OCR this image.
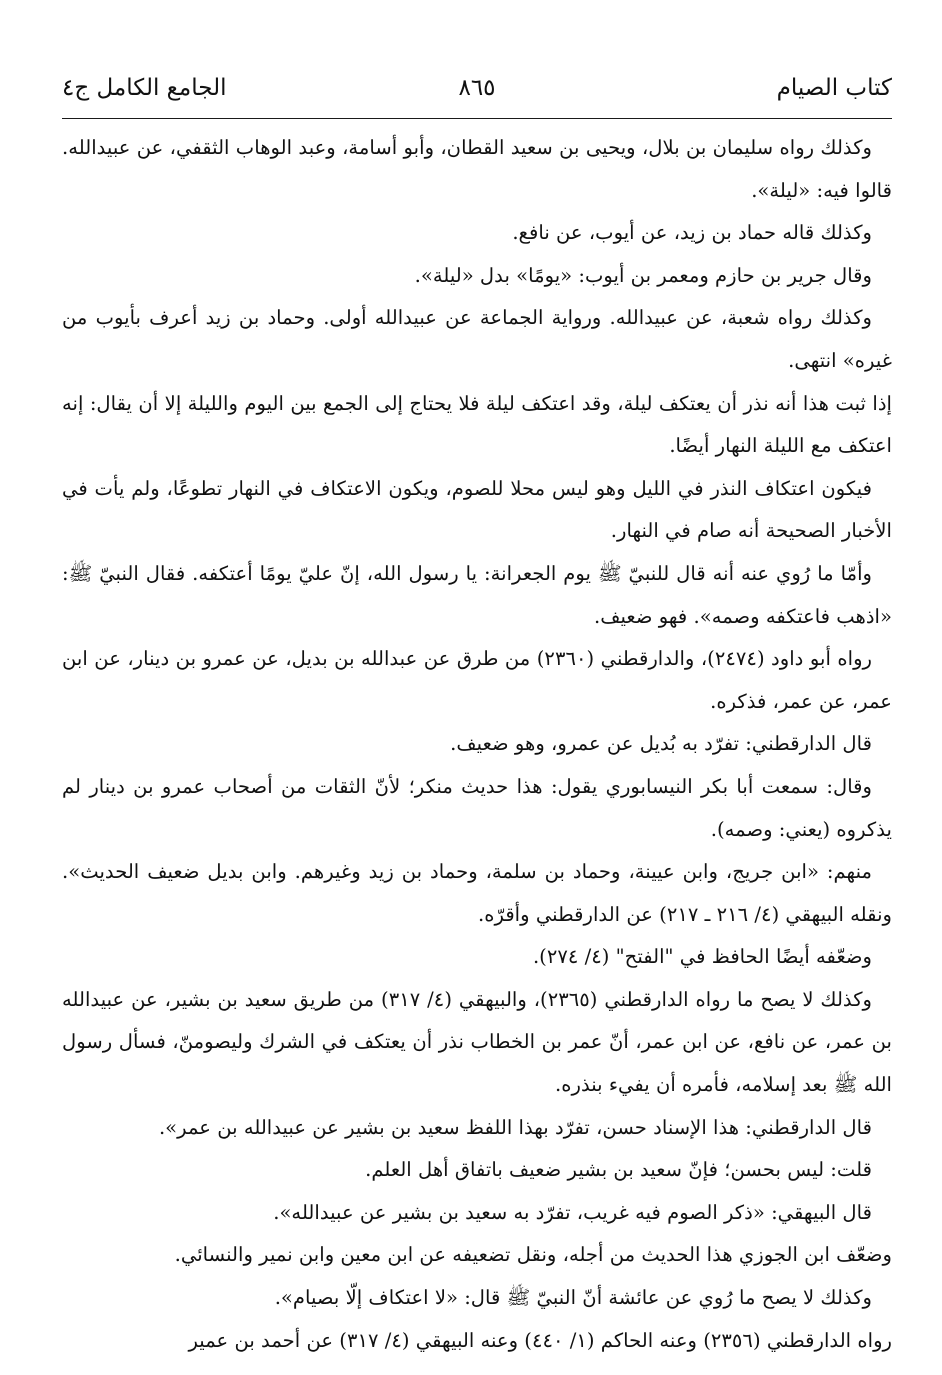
كتاب الصيام
٨٦٥
الجامع الكامل ج٤

وكذلك رواه سليمان بن بلال، ويحيى بن سعيد القطان، وأبو أسامة، وعبد الوهاب الثقفي، عن عبيدالله. قالوا فيه: «ليلة».

وكذلك قاله حماد بن زيد، عن أيوب، عن نافع.

وقال جرير بن حازم ومعمر بن أيوب: «يومًا» بدل «ليلة».

وكذلك رواه شعبة، عن عبيدالله. ورواية الجماعة عن عبيدالله أولى. وحماد بن زيد أعرف بأيوب من غيره» انتهى.

إذا ثبت هذا أنه نذر أن يعتكف ليلة، وقد اعتكف ليلة فلا يحتاج إلى الجمع بين اليوم والليلة إلا أن يقال: إنه اعتكف مع الليلة النهار أيضًا.

فيكون اعتكاف النذر في الليل وهو ليس محلا للصوم، ويكون الاعتكاف في النهار تطوعًا، ولم يأت في الأخبار الصحيحة أنه صام في النهار.

وأمّا ما رُوي عنه أنه قال للنبيّ ﷺ يوم الجعرانة: يا رسول الله، إنّ عليّ يومًا أعتكفه. فقال النبيّ ﷺ: «اذهب فاعتكفه وصمه». فهو ضعيف.

رواه أبو داود (٢٤٧٤)، والدارقطني (٢٣٦٠) من طرق عن عبدالله بن بديل، عن عمرو بن دينار، عن ابن عمر، عن عمر، فذكره.

قال الدارقطني: تفرّد به بُديل عن عمرو، وهو ضعيف.

وقال: سمعت أبا بكر النيسابوري يقول: هذا حديث منكر؛ لأنّ الثقات من أصحاب عمرو بن دينار لم يذكروه (يعني: وصمه).

منهم: «ابن جريج، وابن عيينة، وحماد بن سلمة، وحماد بن زيد وغيرهم. وابن بديل ضعيف الحديث». ونقله البيهقي (٤/ ٢١٦ ـ ٢١٧) عن الدارقطني وأقرّه.

وضعّفه أيضًا الحافظ في "الفتح" (٤/ ٢٧٤).

وكذلك لا يصح ما رواه الدارقطني (٢٣٦٥)، والبيهقي (٤/ ٣١٧) من طريق سعيد بن بشير، عن عبيدالله بن عمر، عن نافع، عن ابن عمر، أنّ عمر بن الخطاب نذر أن يعتكف في الشرك وليصومنّ، فسأل رسول الله ﷺ بعد إسلامه، فأمره أن يفيء بنذره.

قال الدارقطني: هذا الإسناد حسن، تفرّد بهذا اللفظ سعيد بن بشير عن عبيدالله بن عمر».

قلت: ليس بحسن؛ فإنّ سعيد بن بشير ضعيف باتفاق أهل العلم.

قال البيهقي: «ذكر الصوم فيه غريب، تفرّد به سعيد بن بشير عن عبيدالله».

وضعّف ابن الجوزي هذا الحديث من أجله، ونقل تضعيفه عن ابن معين وابن نمير والنسائي.

وكذلك لا يصح ما رُوي عن عائشة أنّ النبيّ ﷺ قال: «لا اعتكاف إلّا بصيام».

رواه الدارقطني (٢٣٥٦) وعنه الحاكم (١/ ٤٤٠) وعنه البيهقي (٤/ ٣١٧) عن أحمد بن عمير
